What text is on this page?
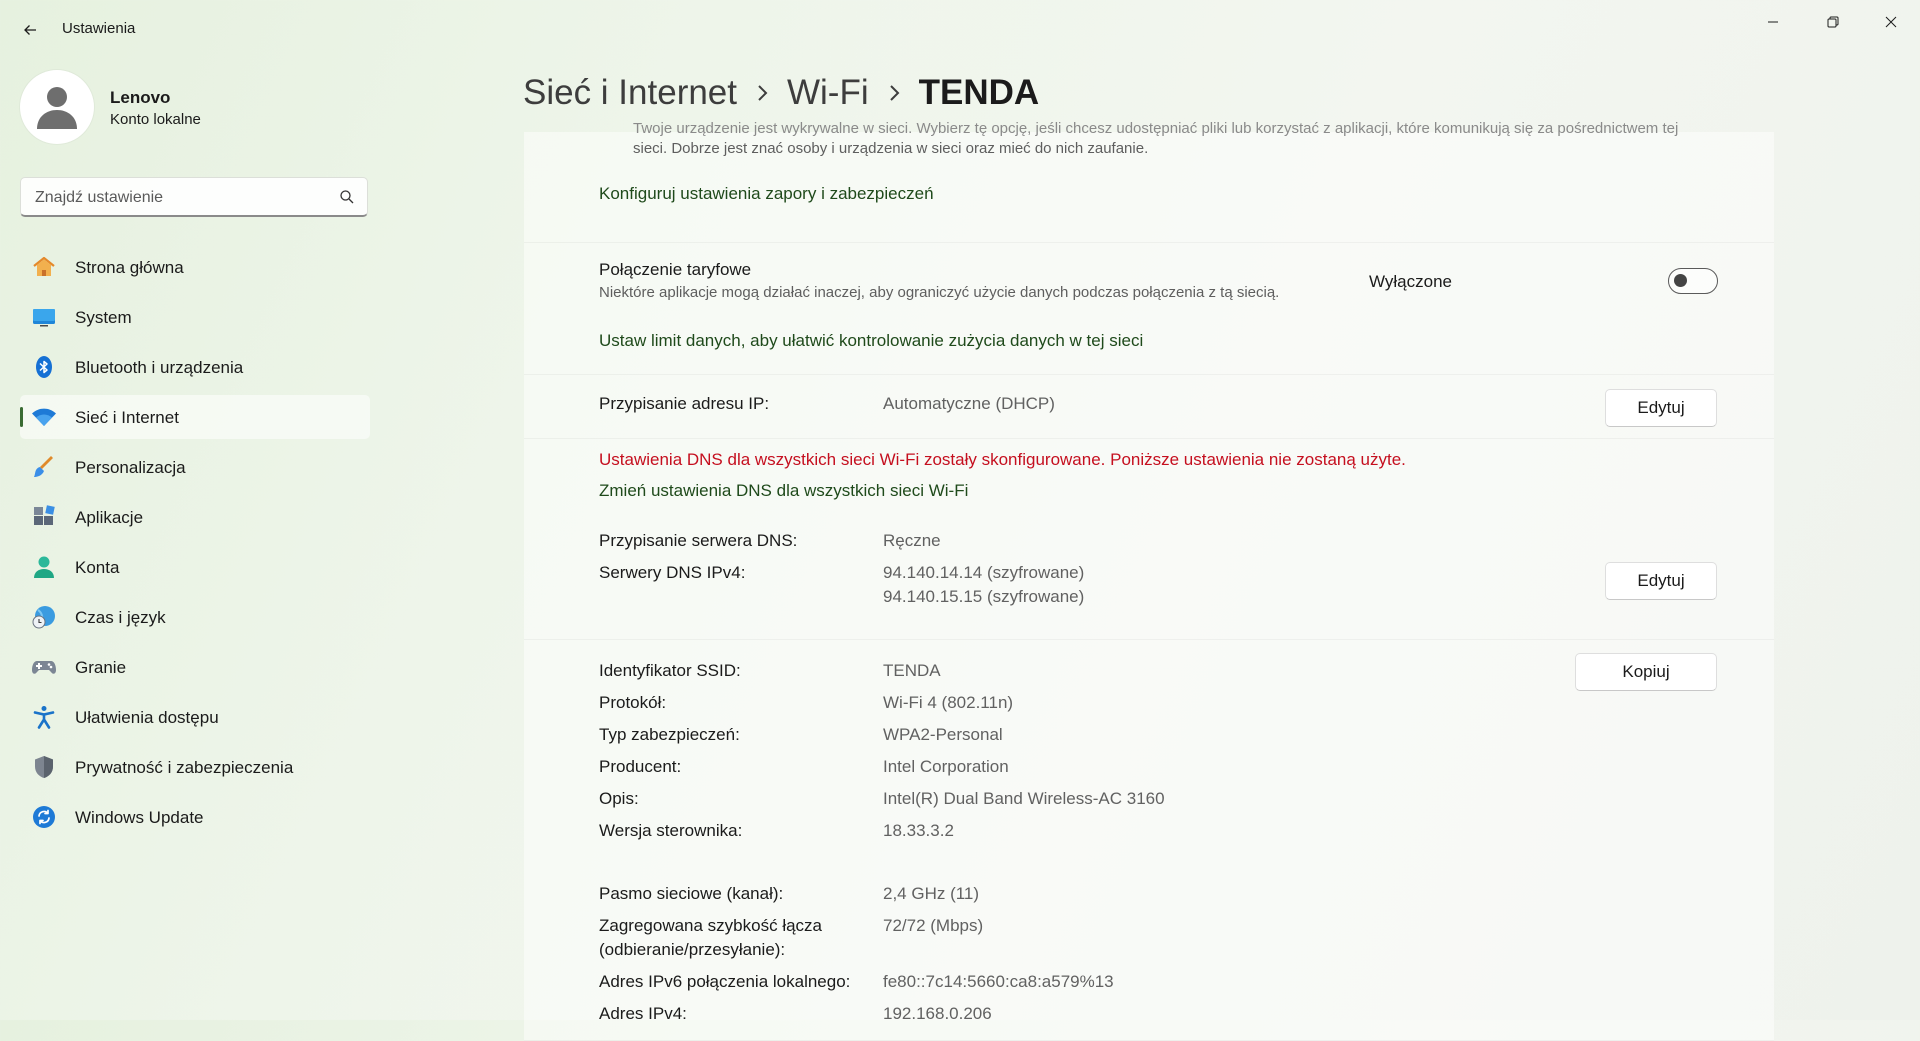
Ustawienia
Lenovo
Konto lokalne
Znajdź ustawienie
Strona główna
System
Bluetooth i urządzenia
Sieć i Internet
Personalizacja
Aplikacje
Konta
Czas i język
Granie
Ułatwienia dostępu
Prywatność i zabezpieczenia
Windows Update
Sieć i Internet Wi-Fi TENDA
Twoje urządzenie jest wykrywalne w sieci. Wybierz tę opcję, jeśli chcesz udostępniać pliki lub korzystać z aplikacji, które komunikują się za pośrednictwem tej
sieci. Dobrze jest znać osoby i urządzenia w sieci oraz mieć do nich zaufanie.
Konfiguruj ustawienia zapory i zabezpieczeń
Połączenie taryfowe
Niektóre aplikacje mogą działać inaczej, aby ograniczyć użycie danych podczas połączenia z tą siecią.
Wyłączone
Ustaw limit danych, aby ułatwić kontrolowanie zużycia danych w tej sieci
Przypisanie adresu IP:	Automatyczne (DHCP)	Edytuj
Ustawienia DNS dla wszystkich sieci Wi-Fi zostały skonfigurowane. Poniższe ustawienia nie zostaną użyte.
Zmień ustawienia DNS dla wszystkich sieci Wi-Fi
Przypisanie serwera DNS:	Ręczne
Serwery DNS IPv4:	94.140.14.14 (szyfrowane)
94.140.15.15 (szyfrowane)
Edytuj
Kopiuj
Identyfikator SSID:	TENDA
Protokół:	Wi-Fi 4 (802.11n)
Typ zabezpieczeń:	WPA2-Personal
Producent:	Intel Corporation
Opis:	Intel(R) Dual Band Wireless-AC 3160
Wersja sterownika:	18.33.3.2
Pasmo sieciowe (kanał):	2,4 GHz (11)
Zagregowana szybkość łącza
(odbieranie/przesyłanie):
72/72 (Mbps)
Adres IPv6 połączenia lokalnego: fe80::7c14:5660:ca8:a579%13
Adres IPv4:	192.168.0.206
